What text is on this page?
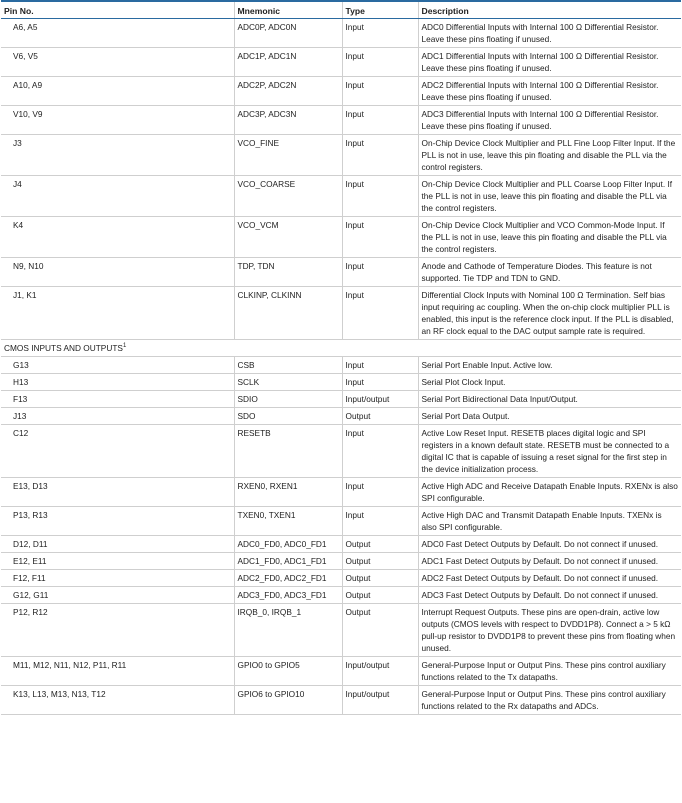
Pin No.	Mnemonic	Type	Description
A6, A5	ADC0P, ADC0N	Input	ADC0 Differential Inputs with Internal 100 Ω Differential Resistor. Leave these pins floating if unused.
V6, V5	ADC1P, ADC1N	Input	ADC1 Differential Inputs with Internal 100 Ω Differential Resistor. Leave these pins floating if unused.
A10, A9	ADC2P, ADC2N	Input	ADC2 Differential Inputs with Internal 100 Ω Differential Resistor. Leave these pins floating if unused.
V10, V9	ADC3P, ADC3N	Input	ADC3 Differential Inputs with Internal 100 Ω Differential Resistor. Leave these pins floating if unused.
J3	VCO_FINE	Input	On-Chip Device Clock Multiplier and PLL Fine Loop Filter Input. If the PLL is not in use, leave this pin floating and disable the PLL via the control registers.
J4	VCO_COARSE	Input	On-Chip Device Clock Multiplier and PLL Coarse Loop Filter Input. If the PLL is not in use, leave this pin floating and disable the PLL via the control registers.
K4	VCO_VCM	Input	On-Chip Device Clock Multiplier and VCO Common-Mode Input. If the PLL is not in use, leave this pin floating and disable the PLL via the control registers.
N9, N10	TDP, TDN	Input	Anode and Cathode of Temperature Diodes. This feature is not supported. Tie TDP and TDN to GND.
J1, K1	CLKINP, CLKINN	Input	Differential Clock Inputs with Nominal 100 Ω Termination. Self bias input requiring ac coupling. When the on-chip clock multiplier PLL is enabled, this input is the reference clock input. If the PLL is disabled, an RF clock equal to the DAC output sample rate is required.
CMOS INPUTS AND OUTPUTS$^1$
G13	CSB	Input	Serial Port Enable Input. Active low.
H13	SCLK	Input	Serial Plot Clock Input.
F13	SDIO	Input/output	Serial Port Bidirectional Data Input/Output.
J13	SDO	Output	Serial Port Data Output.
C12	RESETB	Input	Active Low Reset Input. RESETB places digital logic and SPI registers in a known default state. RESETB must be connected to a digital IC that is capable of issuing a reset signal for the first step in the device initialization process.
E13, D13	RXEN0, RXEN1	Input	Active High ADC and Receive Datapath Enable Inputs. RXENx is also SPI configurable.
P13, R13	TXEN0, TXEN1	Input	Active High DAC and Transmit Datapath Enable Inputs. TXENx is also SPI configurable.
D12, D11	ADC0_FD0, ADC0_FD1	Output	ADC0 Fast Detect Outputs by Default. Do not connect if unused.
E12, E11	ADC1_FD0, ADC1_FD1	Output	ADC1 Fast Detect Outputs by Default. Do not connect if unused.
F12, F11	ADC2_FD0, ADC2_FD1	Output	ADC2 Fast Detect Outputs by Default. Do not connect if unused.
G12, G11	ADC3_FD0, ADC3_FD1	Output	ADC3 Fast Detect Outputs by Default. Do not connect if unused.
P12, R12	IRQB_0, IRQB_1	Output	Interrupt Request Outputs. These pins are open-drain, active low outputs (CMOS levels with respect to DVDD1P8). Connect a > 5 kΩ pull-up resistor to DVDD1P8 to prevent these pins from floating when unused.
M11, M12, N11, N12, P11, R11	GPIO0 to GPIO5	Input/output	General-Purpose Input or Output Pins. These pins control auxiliary functions related to the Tx datapaths.
K13, L13, M13, N13, T12	GPIO6 to GPIO10	Input/output	General-Purpose Input or Output Pins. These pins control auxiliary functions related to the Rx datapaths and ADCs.
